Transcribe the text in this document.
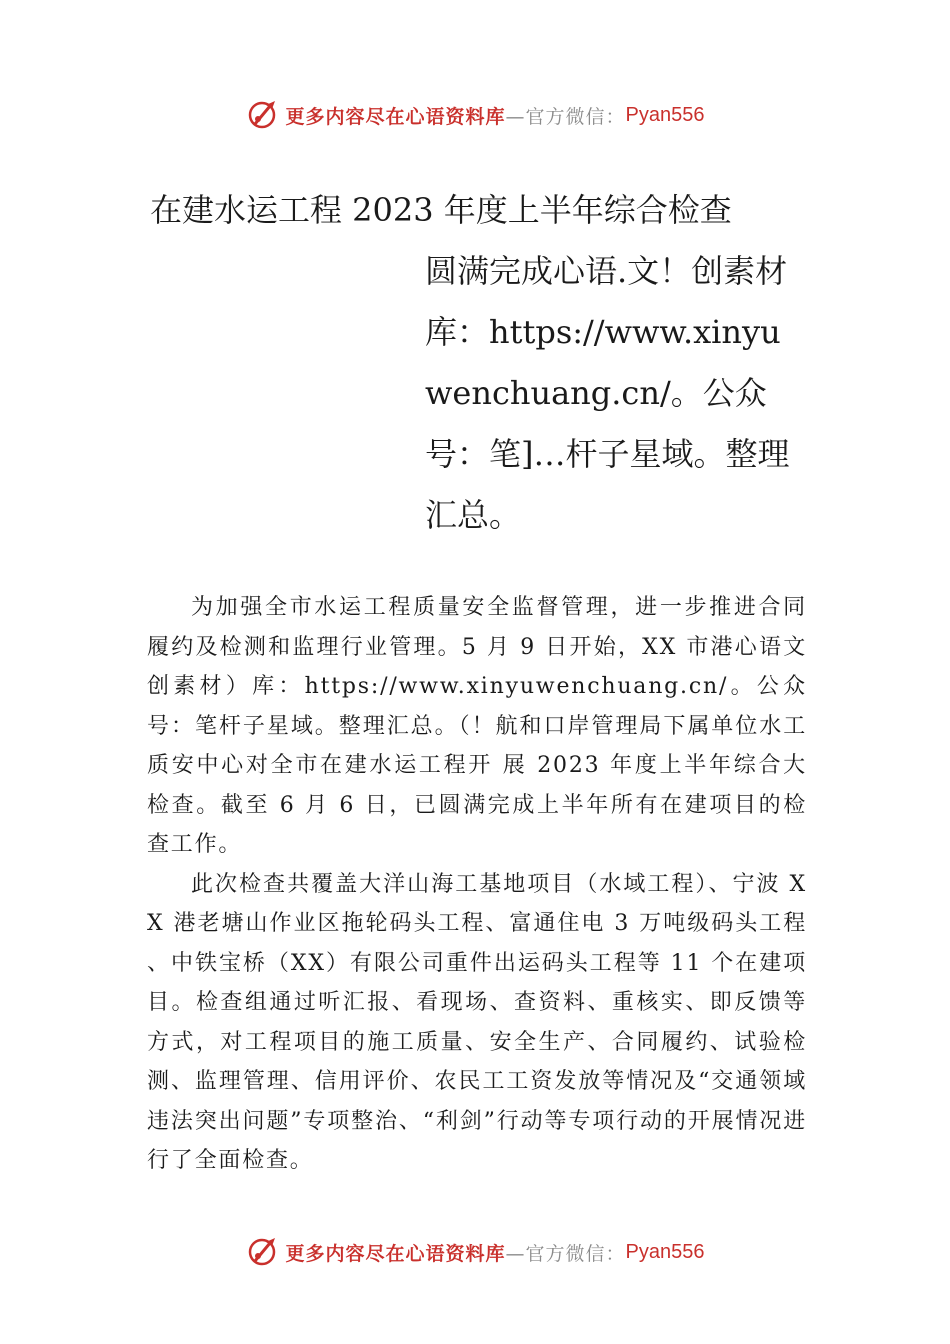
更多内容尽在心语资料库 —官方微信： Pyan556
在建水运工程 2023 年度上半年综合检查
圆满完成心语.文！创素材库：https://www.xinyuwenchuang.cn/。公众号：笔]…杆子星域。整理汇总。

为加强全市水运工程质量安全监督管理，进一步推进合同履约及检测和监理行业管理。5 月 9 日开始，XX 市港心语文创素材）库：https://www.xinyuwenchuang.cn/。公众号：笔杆子星域。整理汇总。（！航和口岸管理局下属单位水工质安中心对全市在建水运工程开 展 2023 年度上半年综合大检查。截至 6 月 6 日，已圆满完成上半年所有在建项目的检查工作。

此次检查共覆盖大洋山海工基地项目（水域工程）、宁波 XX 港老塘山作业区拖轮码头工程、富通住电 3 万吨级码头工程 、中铁宝桥（XX）有限公司重件出运码头工程等 11 个在建项目。检查组通过听汇报、看现场、查资料、重核实、即反馈等方式，对工程项目的施工质量、安全生产、合同履约、试验检测、监理管理、信用评价、农民工工资发放等情况及“交通领域违法突出问题”专项整治、“利剑”行动等专项行动的开展情况进行了全面检查。

更多内容尽在心语资料库 —官方微信： Pyan556
